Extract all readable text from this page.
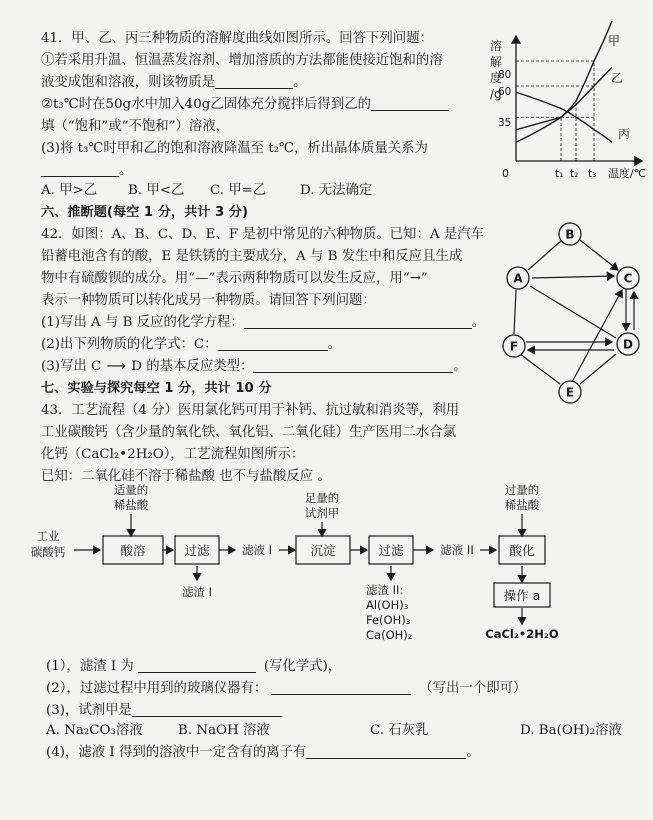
41．甲、乙、丙三种物质的溶解度曲线如图所示。回答下列问题：
①若采用升温、恒温蒸发溶剂、增加溶质的方法都能使接近饱和的溶
液变成饱和溶液，则该物质是	。
②t₃℃时在50g水中加入40g乙固体充分搅拌后得到乙的
填（“饱和”或“不饱和”）溶液，
(3)将 t₃℃时甲和乙的饱和溶液降温至 t₂℃，析出晶体质量关系为
。
A. 甲>乙 B. 甲<乙 C. 甲=乙	D. 无法确定
溶
解
度
/g
80
60
35
0	t₁ t₂ t₃ 温度/℃
甲
乙
丙
六、推断题(每空 1 分，共计 3 分)
42．如图：A、B、C、D、E、F 是初中常见的六种物质。已知：A 是汽车
铅蓄电池含有的酸，E 是铁锈的主要成分，A 与 B 发生中和反应且生成
物中有硫酸钡的成分。用“—”表示两种物质可以发生反应，用“→”
表示一种物质可以转化成另一种物质。请回答下列问题：
(1)写出 A 与 B 反应的化学方程：	。
(2)出下列物质的化学式：C：	。
(3)写出 C ⟶ D 的基本反应类型：	。
B
A	C
F	D
E
七、实验与探究每空 1 分，共计 10 分
43．工艺流程（4 分）医用氯化钙可用于补钙、抗过敏和消炎等，利用
工业碳酸钙（含少量的氧化铁、氧化铝、二氧化硅）生产医用二水合氯
化钙（CaCl₂•2H₂O），工艺流程如图所示：
已知：二氧化硅不溶于稀盐酸 也不与盐酸反应 。
适量的
稀盐酸	足量的
试剂甲
过量的
稀盐酸
工业
碳酸钙	酸溶	过滤	沉淀	过滤	酸化
操作 a
滤液 I	滤液 II
滤渣 I	滤渣 II:
Al(OH)₃
Fe(OH)₃
Ca(OH)₂	CaCl₂•2H₂O
(1），滤渣 I 为	(写化学式)，
(2），过滤过程中用到的玻璃仪器有：	（写出一个即可）
(3)，试剂甲是
A. Na₂CO₃溶液	B. NaOH 溶液	C. 石灰乳	D. Ba(OH)₂溶液
(4)，滤液 I 得到的溶液中一定含有的离子有	。
